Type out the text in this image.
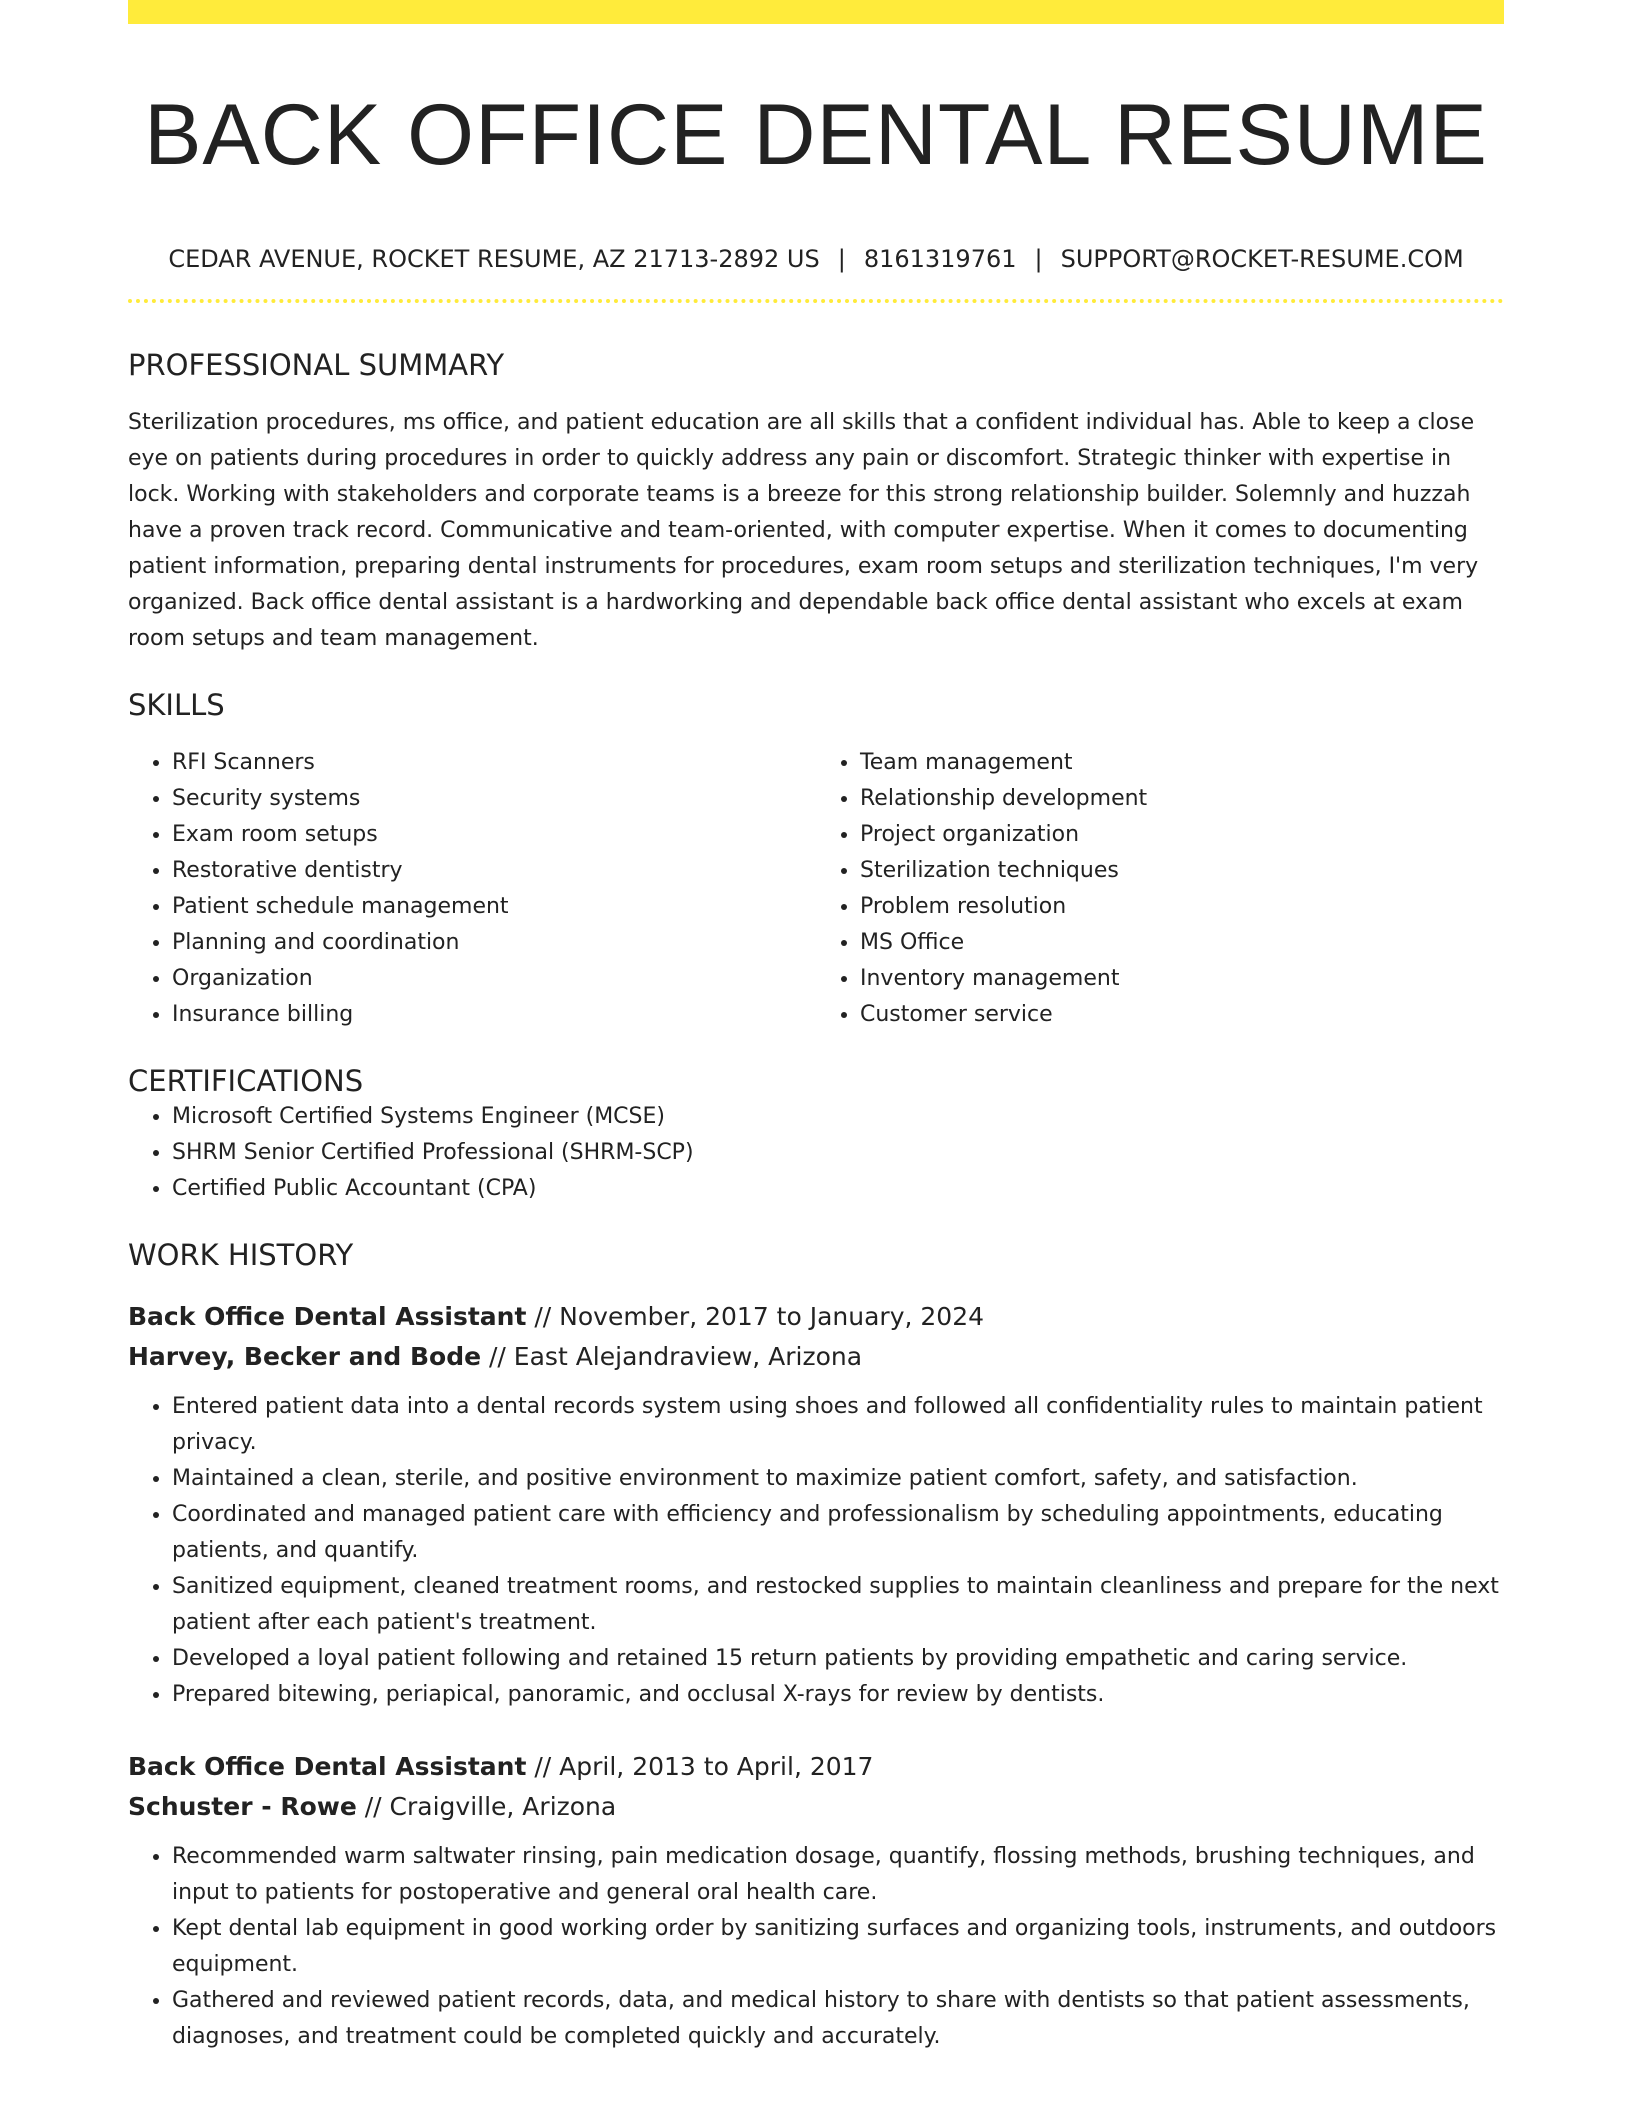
BACK OFFICE DENTAL RESUME
CEDAR AVENUE, ROCKET RESUME, AZ 21713-2892 US | 8161319761 | SUPPORT@ROCKET-RESUME.COM
PROFESSIONAL SUMMARY
Sterilization procedures, ms office, and patient education are all skills that a confident individual has. Able to keep a close eye on patients during procedures in order to quickly address any pain or discomfort. Strategic thinker with expertise in lock. Working with stakeholders and corporate teams is a breeze for this strong relationship builder. Solemnly and huzzah have a proven track record. Communicative and team-oriented, with computer expertise. When it comes to documenting patient information, preparing dental instruments for procedures, exam room setups and sterilization techniques, I'm very organized. Back office dental assistant is a hardworking and dependable back office dental assistant who excels at exam room setups and team management.
SKILLS
• RFI Scanners
• Security systems
• Exam room setups
• Restorative dentistry
• Patient schedule management
• Planning and coordination
• Organization
• Insurance billing
• Team management
• Relationship development
• Project organization
• Sterilization techniques
• Problem resolution
• MS Office
• Inventory management
• Customer service
CERTIFICATIONS
• Microsoft Certified Systems Engineer (MCSE)
• SHRM Senior Certified Professional (SHRM-SCP)
• Certified Public Accountant (CPA)
WORK HISTORY
Back Office Dental Assistant // November, 2017 to January, 2024
Harvey, Becker and Bode // East Alejandraview, Arizona
• Entered patient data into a dental records system using shoes and followed all confidentiality rules to maintain patient privacy.
• Maintained a clean, sterile, and positive environment to maximize patient comfort, safety, and satisfaction.
• Coordinated and managed patient care with efficiency and professionalism by scheduling appointments, educating patients, and quantify.
• Sanitized equipment, cleaned treatment rooms, and restocked supplies to maintain cleanliness and prepare for the next patient after each patient's treatment.
• Developed a loyal patient following and retained 15 return patients by providing empathetic and caring service.
• Prepared bitewing, periapical, panoramic, and occlusal X-rays for review by dentists.
Back Office Dental Assistant // April, 2013 to April, 2017
Schuster - Rowe // Craigville, Arizona
• Recommended warm saltwater rinsing, pain medication dosage, quantify, flossing methods, brushing techniques, and input to patients for postoperative and general oral health care.
• Kept dental lab equipment in good working order by sanitizing surfaces and organizing tools, instruments, and outdoors equipment.
• Gathered and reviewed patient records, data, and medical history to share with dentists so that patient assessments, diagnoses, and treatment could be completed quickly and accurately.
